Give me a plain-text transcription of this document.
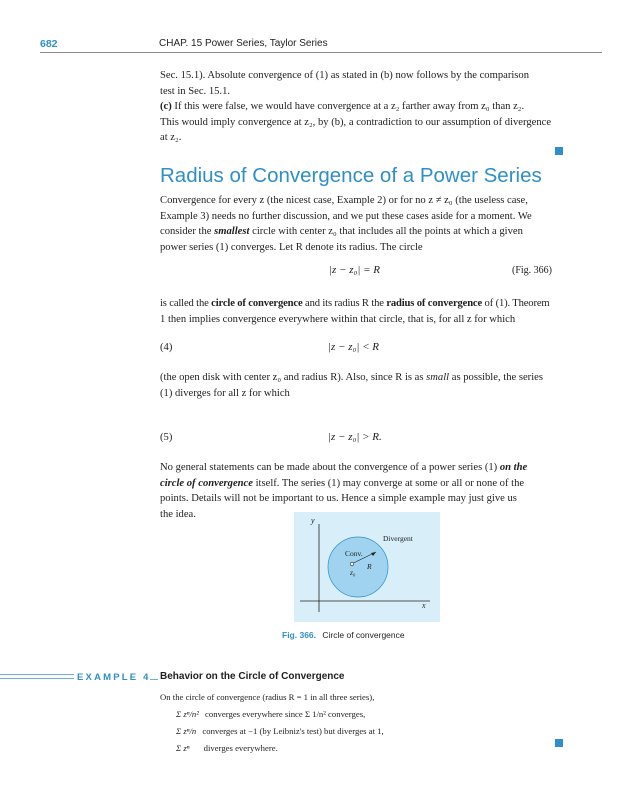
682	CHAP. 15 Power Series, Taylor Series
Sec. 15.1). Absolute convergence of (1) as stated in (b) now follows by the comparison
test in Sec. 15.1.
(c) If this were false, we would have convergence at a z₂ farther away from z₀ than z₂.
This would imply convergence at z₂, by (b), a contradiction to our assumption of divergence
at z₂.
Radius of Convergence of a Power Series
Convergence for every z (the nicest case, Example 2) or for no z ≠ z₀ (the useless case,
Example 3) needs no further discussion, and we put these cases aside for a moment. We
consider the smallest circle with center z₀ that includes all the points at which a given
power series (1) converges. Let R denote its radius. The circle
|z − z₀| = R	(Fig. 366)
is called the circle of convergence and its radius R the radius of convergence of (1). Theorem
1 then implies convergence everywhere within that circle, that is, for all z for which
(4)	|z − z₀| < R
(the open disk with center z₀ and radius R). Also, since R is as small as possible, the series
(1) diverges for all z for which
(5)	|z − z₀| > R.
No general statements can be made about the convergence of a power series (1) on the
circle of convergence itself. The series (1) may converge at some or all or none of the
points. Details will not be important to us. Hence a simple example may just give us
the idea.
y
x
Divergent
Conv.
R
z₀
Fig. 366. Circle of convergence
EXAMPLE 4 Behavior on the Circle of Convergence
On the circle of convergence (radius R = 1 in all three series),
Σ zⁿ/n² converges everywhere since Σ 1/n² converges,
Σ zⁿ/n converges at −1 (by Leibniz's test) but diverges at 1,
Σ zⁿ diverges everywhere.
